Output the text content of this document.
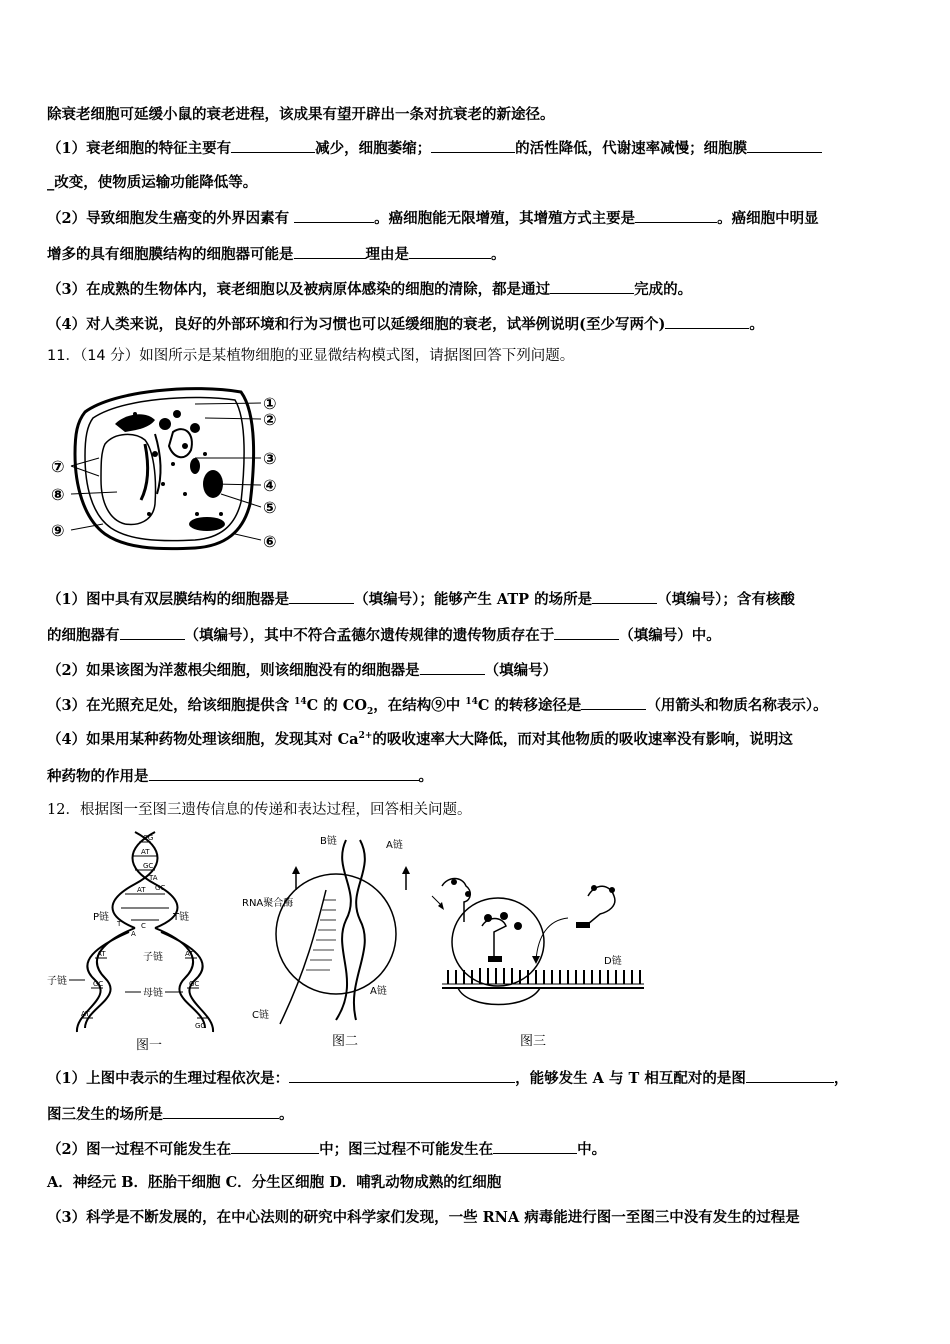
除衰老细胞可延缓小鼠的衰老进程，该成果有望开辟出一条对抗衰老的新途径。
（1）衰老细胞的特征主要有	减少，细胞萎缩；	的活性降低，代谢速率减慢；细胞膜
_改变，使物质运输功能降低等。
（2）导致细胞发生癌变的外界因素有	。癌细胞能无限增殖，其增殖方式主要是	。癌细胞中明显
增多的具有细胞膜结构的细胞器可能是	理由是	。
（3）在成熟的生物体内，衰老细胞以及被病原体感染的细胞的清除，都是通过	完成的。
（4）对人类来说，良好的外部环境和行为习惯也可以延缓细胞的衰老，试举例说明(至少写两个)	。
11．（14 分）如图所示是某植物细胞的亚显微结构模式图，请据图回答下列问题。
①
②
③
④
⑤
⑥
⑦
⑧
⑨
（1）图中具有双层膜结构的细胞器是	（填编号）；能够产生 ATP 的场所是	（填编号）；含有核酸
的细胞器有	（填编号），其中不符合孟德尔遗传规律的遗传物质存在于	（填编号）中。
（2）如果该图为洋葱根尖细胞，则该细胞没有的细胞器是	（填编号）
（3）在光照充足处，给该细胞提供含 $^{14}$C 的 $CO_2$，在结构⑨中 $^{14}$C 的转移途径是	（用箭头和物质名称表示）。
（4）如果用某种药物处理该细胞，发现其对 $Ca^{2+}$的吸收速率大大降低，而对其他物质的吸收速率没有影响，说明这
种药物的作用是	。
12．根据图一至图三遗传信息的传递和表达过程，回答相关问题。
CG
AT
GC
TA
AT GC
T
A
C
AT	AT
GC	GC
AT
GC
P链	T链
子链
子链
母链
图一
B链	A链
RNA聚合酶
C链
A链
图二
D链
图三
（1）上图中表示的生理过程依次是：	，能够发生 A 与 T 相互配对的是图	，
图三发生的场所是	。
（2）图一过程不可能发生在	中；图三过程不可能发生在	中。
A．神经元 B．胚胎干细胞 C．分生区细胞 D．哺乳动物成熟的红细胞
（3）科学是不断发展的，在中心法则的研究中科学家们发现，一些 RNA 病毒能进行图一至图三中没有发生的过程是
